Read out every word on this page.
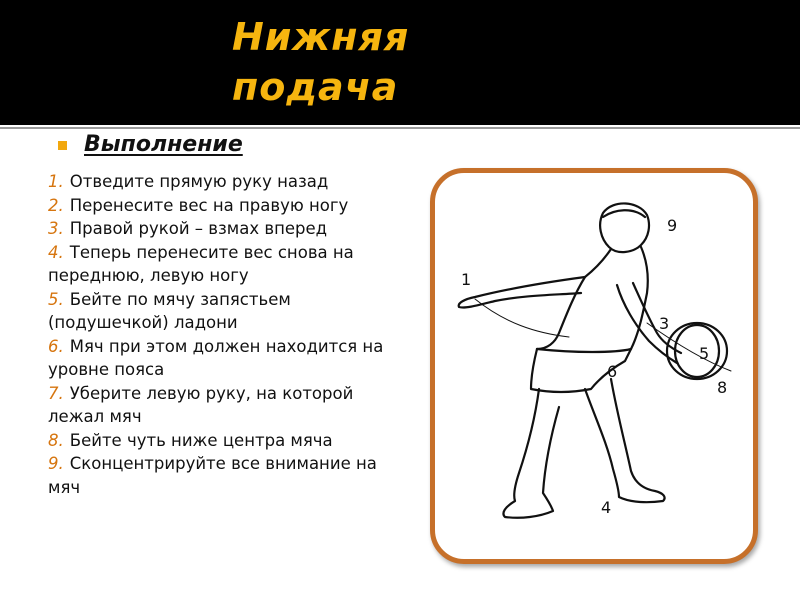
Нижняя
подача
Выполнение
1. Отведите прямую руку назад
2. Перенесите вес на правую ногу
3. Правой рукой – взмах вперед
4. Теперь перенесите вес снова на переднюю, левую ногу
5. Бейте по мячу запястьем (подушечкой) ладони
6. Мяч при этом должен находится на уровне пояса
7. Уберите левую руку, на которой лежал мяч
8. Бейте чуть ниже центра мяча
9. Сконцентрируйте все внимание на мяч
1
3
4
5
6
8
9
